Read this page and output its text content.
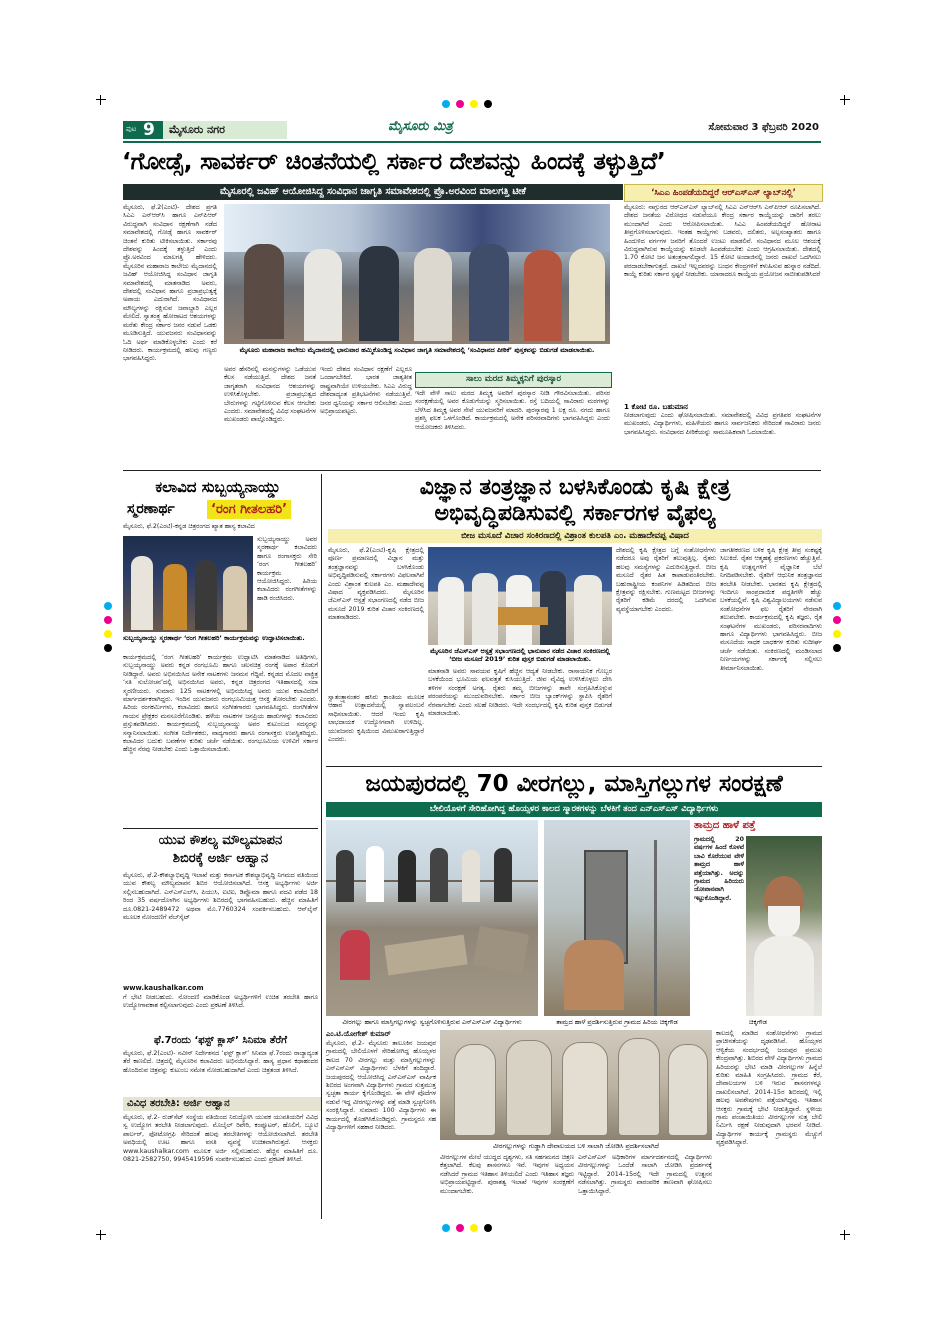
ಪುಟ 9	ಮೈಸೂರು ನಗರ	ಮೈಸೂರು ಮಿತ್ರ	ಸೋಮವಾರ 3 ಫೆಬ್ರವರಿ 2020
‘ಗೋಡ್ಸೆ, ಸಾವರ್ಕರ್ ಚಿಂತನೆಯಲ್ಲಿ ಸರ್ಕಾರ ದೇಶವನ್ನು ಹಿಂದಕ್ಕೆ ತಳ್ಳುತ್ತಿದೆ’
ಮೈಸೂರಲ್ಲಿ ಜವಿಹ್ ಆಯೋಜಿಸಿದ್ದ ಸಂವಿಧಾನ ಜಾಗೃತಿ ಸಮಾವೇಶದಲ್ಲಿ ಪ್ರೊ.ಅರವಿಂದ ಮಾಲಗತ್ತಿ ಟೀಕೆ
ಮೈಸೂರು, ಫೆ.2(ಎಂಟಿ)- ದೇಶದ ಪ್ರಗತಿ ಸಿಎಎ ಎನ್‌ಆರ್‌ಸಿ ಹಾಗೂ ಎನ್‌ಪಿಆರ್ ವಿರುದ್ಧವಾಗಿ ಸಂವಿಧಾನ ರಕ್ಷಣೆಗಾಗಿ ನಡೆದ ಸಮಾವೇಶದಲ್ಲಿ ಗೋಡ್ಸೆ ಹಾಗೂ ಸಾವರ್ಕರ್ ಚಿಂತನೆ ಕುರಿತು ಟೀಕಿಸಲಾಯಿತು. ಸರ್ಕಾರವು ದೇಶವನ್ನು ಹಿಂದಕ್ಕೆ ತಳ್ಳುತ್ತಿದೆ ಎಂದು ಪ್ರೊ.ಅರವಿಂದ ಮಾಲಗತ್ತಿ ಹೇಳಿದರು. ಮೈಸೂರಿನ ಮಹಾರಾಜ ಕಾಲೇಜು ಮೈದಾನದಲ್ಲಿ ಜವಿಹ್ ಆಯೋಜಿಸಿದ್ದ ಸಂವಿಧಾನ ಜಾಗೃತಿ ಸಮಾವೇಶದಲ್ಲಿ ಮಾತನಾಡಿದ ಅವರು, ದೇಶದಲ್ಲಿ ಸಂವಿಧಾನ ಹಾಗೂ ಪ್ರಜಾಪ್ರಭುತ್ವಕ್ಕೆ ಅಪಾಯ ಎದುರಾಗಿದೆ. ಸಂವಿಧಾನದ ಮೌಲ್ಯಗಳನ್ನು ರಕ್ಷಿಸುವ ಜವಾಬ್ದಾರಿ ಎಲ್ಲರ ಮೇಲಿದೆ. ಸ್ವಾತಂತ್ರ್ಯ ಹೋರಾಟದ ಆಶಯಗಳನ್ನು ಮರೆತು ಕೇಂದ್ರ ಸರ್ಕಾರ ಜನರ ನಡುವೆ ಒಡಕು ಮೂಡಿಸುತ್ತಿದೆ. ಯುವಜನರು ಸಂವಿಧಾನವನ್ನು ಓದಿ ಅರ್ಥ ಮಾಡಿಕೊಳ್ಳಬೇಕು ಎಂದು ಕರೆ ನೀಡಿದರು. ಕಾರ್ಯಕ್ರಮದಲ್ಲಿ ಹಲವು ಗಣ್ಯರು ಭಾಗವಹಿಸಿದ್ದರು.
ಮೈಸೂರು ಮಹಾರಾಜ ಕಾಲೇಜು ಮೈದಾನದಲ್ಲಿ ಭಾನುವಾರ ಹಮ್ಮಿಕೊಂಡಿದ್ದ ಸಂವಿಧಾನ ಜಾಗೃತಿ ಸಮಾವೇಶದಲ್ಲಿ ‘ಸಂವಿಧಾನದ ಪೀಠಿಕೆ’ ಪುಸ್ತಕವನ್ನು ಬಿಡುಗಡೆ ಮಾಡಲಾಯಿತು.
ಅವರ ಹೆಸರಿನಲ್ಲಿ ಮನಸ್ಸುಗಳನ್ನು ಒಡೆಯುವ ಕೆಲಸ ನಡೆಯುತ್ತಿದೆ. ದೇಶದ ಜನತೆ ಜಾಗೃತರಾಗಿ ಸಂವಿಧಾನದ ಆಶಯಗಳನ್ನು ಉಳಿಸಿಕೊಳ್ಳಬೇಕು. ಪ್ರಜಾಪ್ರಭುತ್ವದ ಬೇರುಗಳನ್ನು ಗಟ್ಟಿಗೊಳಿಸುವ ಕೆಲಸ ಆಗಬೇಕು ಎಂದರು. ಸಮಾವೇಶದಲ್ಲಿ ವಿವಿಧ ಸಂಘಟನೆಗಳ ಮುಖಂಡರು ಪಾಲ್ಗೊಂಡಿದ್ದರು.
ಇಂದು ದೇಶದ ಸಂವಿಧಾನ ರಕ್ಷಣೆಗೆ ಎಲ್ಲರೂ ಒಂದಾಗಬೇಕಿದೆ. ಭಾರತ ಜಾತ್ಯತೀತ ರಾಷ್ಟ್ರವಾಗಿಯೇ ಉಳಿಯಬೇಕು. ಸಿಎಎ ವಿರುದ್ಧ ದೇಶದಾದ್ಯಂತ ಪ್ರತಿಭಟನೆಗಳು ನಡೆಯುತ್ತಿವೆ. ಜನರ ಧ್ವನಿಯನ್ನು ಸರ್ಕಾರ ಆಲಿಸಬೇಕು ಎಂದು ಅಭಿಪ್ರಾಯಪಟ್ಟರು.
ಸಾಲು ಮರದ ತಿಮ್ಮಕ್ಕನಿಗೆ ಪುರಸ್ಕಾರ
ಇದೇ ವೇಳೆ ಸಾಲು ಮರದ ತಿಮ್ಮಕ್ಕ ಅವರಿಗೆ ಪುರಸ್ಕಾರ ನೀಡಿ ಗೌರವಿಸಲಾಯಿತು. ಪರಿಸರ ಸಂರಕ್ಷಣೆಯಲ್ಲಿ ಅವರ ಕೊಡುಗೆಯನ್ನು ಸ್ಮರಿಸಲಾಯಿತು. ರಸ್ತೆ ಬದಿಯಲ್ಲಿ ಸಾವಿರಾರು ಮರಗಳನ್ನು ಬೆಳೆಸಿದ ತಿಮ್ಮಕ್ಕ ಅವರ ಸೇವೆ ಯುವಜನರಿಗೆ ಮಾದರಿ. ಪುರಸ್ಕಾರವು 1 ಲಕ್ಷ ರೂ. ನಗದು ಹಾಗೂ ಪ್ರಶಸ್ತಿ ಫಲಕ ಒಳಗೊಂಡಿದೆ. ಕಾರ್ಯಕ್ರಮದಲ್ಲಿ ಅನೇಕ ಪರಿಸರವಾದಿಗಳು ಭಾಗವಹಿಸಿದ್ದರು ಎಂದು ಆಯೋಜಕರು ತಿಳಿಸಿದರು.
‘ಸಿಎಎ ಹಿಂಪಡೆಯದಿದ್ದರೆ ಆರ್‌ಎಸ್‌ಎಸ್ ಲ್ಯಾಬ್‌ನಲ್ಲಿ’
ಮೈಸೂರು: ನಾಗ್ಪುರದ ಆರ್‌ಎಸ್‌ಎಸ್ ಲ್ಯಾಬ್‌ನಲ್ಲಿ ಸಿಎಎ ಎನ್‌ಆರ್‌ಸಿ ಎನ್‌ಪಿಆರ್ ರೂಪಿಸಲಾಗಿದೆ. ದೇಶದ ಜನತೆಯ ವಿರೋಧದ ನಡುವೆಯೂ ಕೇಂದ್ರ ಸರ್ಕಾರ ಕಾಯ್ದೆಯನ್ನು ಜಾರಿಗೆ ತರಲು ಮುಂದಾಗಿದೆ ಎಂದು ಆರೋಪಿಸಲಾಯಿತು. ಸಿಎಎ ಹಿಂಪಡೆಯದಿದ್ದರೆ ಹೋರಾಟ ತೀವ್ರಗೊಳಿಸಲಾಗುವುದು. ಇಂತಹ ಕಾಯ್ದೆಗಳು ಬಡವರು, ದಲಿತರು, ಅಲ್ಪಸಂಖ್ಯಾತರು ಹಾಗೂ ಹಿಂದುಳಿದ ವರ್ಗಗಳ ಜನರಿಗೆ ತೊಂದರೆ ಉಂಟು ಮಾಡಲಿವೆ. ಸಂವಿಧಾನದ ಮೂಲ ಆಶಯಕ್ಕೆ ವಿರುದ್ಧವಾಗಿರುವ ಕಾಯ್ದೆಯನ್ನು ಕೂಡಲೇ ಹಿಂಪಡೆಯಬೇಕು ಎಂದು ಆಗ್ರಹಿಸಲಾಯಿತು. ದೇಶದಲ್ಲಿ 1.70 ಕೋಟಿ ಜನ ಅತಂತ್ರರಾಗಲಿದ್ದಾರೆ. 15 ಕೋಟಿ ಅಂದಾಜಿನಲ್ಲಿ ಜನರು ದಾಖಲೆ ಒದಗಿಸಲು ಪರದಾಡಬೇಕಾಗುತ್ತದೆ. ದಾಖಲೆ ಇಲ್ಲದವರನ್ನು ಬಂಧನ ಕೇಂದ್ರಗಳಿಗೆ ಕಳುಹಿಸುವ ಹುನ್ನಾರ ನಡೆದಿದೆ. ಕಾಯ್ದೆ ಕುರಿತು ಸರ್ಕಾರ ಸ್ಪಷ್ಟನೆ ನೀಡಬೇಕು. ಯಾರಾದರೂ ಕಾಯ್ದೆಯ ಪ್ರಯೋಜನ ಸಾಬೀತುಪಡಿಸಿದರೆ
1 ಕೋಟಿ ರೂ. ಬಹುಮಾನ
ನೀಡಲಾಗುವುದು ಎಂದು ಘೋಷಿಸಲಾಯಿತು. ಸಮಾವೇಶದಲ್ಲಿ ವಿವಿಧ ಪ್ರಗತಿಪರ ಸಂಘಟನೆಗಳ ಮುಖಂಡರು, ವಿದ್ಯಾರ್ಥಿಗಳು, ಮಹಿಳೆಯರು ಹಾಗೂ ಸಾರ್ವಜನಿಕರು ಸೇರಿದಂತೆ ಸಾವಿರಾರು ಜನರು ಭಾಗವಹಿಸಿದ್ದರು. ಸಂವಿಧಾನದ ಪೀಠಿಕೆಯನ್ನು ಸಾಮೂಹಿಕವಾಗಿ ಓದಲಾಯಿತು.
ಕಲಾವಿದ ಸುಬ್ಬಯ್ಯನಾಯ್ಡು
ಸ್ಮರಣಾರ್ಥ	‘ರಂಗ ಗೀತಲಹರಿ’
ಮೈಸೂರು, ಫೆ.2(ಎಂಟಿ)-ಕನ್ನಡ ಚಿತ್ರರಂಗದ ಖ್ಯಾತ ಹಾಸ್ಯ ಕಲಾವಿದ
ಸುಬ್ಬಯ್ಯನಾಯ್ಡು ಅವರ ಸ್ಮರಣಾರ್ಥ ಕಲಾವಿದರು ಹಾಗೂ ರಂಗಾಸಕ್ತರು ಸೇರಿ ‘ರಂಗ ಗೀತಲಹರಿ’ ಕಾರ್ಯಕ್ರಮ ಆಯೋಜಿಸಿದ್ದರು. ಹಿರಿಯ ಕಲಾವಿದರು ರಂಗಗೀತೆಗಳನ್ನು ಹಾಡಿ ರಂಜಿಸಿದರು.
ಸುಬ್ಬಯ್ಯನಾಯ್ಡು ಸ್ಮರಣಾರ್ಥ ‘ರಂಗ ಗೀತಲಹರಿ’ ಕಾರ್ಯಕ್ರಮವನ್ನು ಉದ್ಘಾಟಿಸಲಾಯಿತು.
ಕಾರ್ಯಕ್ರಮದಲ್ಲಿ ‘ರಂಗ ಗೀತಲಹರಿ’ ಕಾರ್ಯಕ್ರಮ ಉದ್ಘಾಟಿಸಿ ಮಾತನಾಡಿದ ಅತಿಥಿಗಳು, ಸುಬ್ಬಯ್ಯನಾಯ್ಡು ಅವರು ಕನ್ನಡ ರಂಗಭೂಮಿ ಹಾಗೂ ಚಲನಚಿತ್ರ ರಂಗಕ್ಕೆ ಅಪಾರ ಕೊಡುಗೆ ನೀಡಿದ್ದಾರೆ. ಅವರು ಅಭಿನಯಿಸಿದ ಅನೇಕ ನಾಟಕಗಳು ಜನಮನ ಗೆದ್ದಿವೆ. ಕನ್ನಡದ ಮೊದಲ ವಾಕ್ಚಿತ್ರ ‘ಸತಿ ಸುಲೋಚನ’ದಲ್ಲಿ ಅಭಿನಯಿಸಿದ ಅವರು, ಕನ್ನಡ ಚಿತ್ರರಂಗದ ಇತಿಹಾಸದಲ್ಲಿ ಸದಾ ಸ್ಮರಣೀಯರು. ಸುಮಾರು 125 ನಾಟಕಗಳಲ್ಲಿ ಅಭಿನಯಿಸಿದ್ದ ಅವರು ಯುವ ಕಲಾವಿದರಿಗೆ ಮಾರ್ಗದರ್ಶಕರಾಗಿದ್ದರು. ಇಂದಿನ ಯುವಜನರು ರಂಗಭೂಮಿಯತ್ತ ಆಸಕ್ತಿ ತೋರಬೇಕು ಎಂದರು. ಹಿರಿಯ ರಂಗಕರ್ಮಿಗಳು, ಕಲಾವಿದರು ಹಾಗೂ ಸಂಗೀತಗಾರರು ಭಾಗವಹಿಸಿದ್ದರು. ರಂಗಗೀತೆಗಳ ಗಾಯನ ಪ್ರೇಕ್ಷಕರ ಮನಸೂರೆಗೊಂಡಿತು. ಹಳೆಯ ನಾಟಕಗಳ ಜನಪ್ರಿಯ ಹಾಡುಗಳನ್ನು ಕಲಾವಿದರು ಪ್ರಸ್ತುತಪಡಿಸಿದರು. ಕಾರ್ಯಕ್ರಮದಲ್ಲಿ ಸುಬ್ಬಯ್ಯನಾಯ್ಡು ಅವರ ಕುಟುಂಬದ ಸದಸ್ಯರನ್ನು ಸನ್ಮಾನಿಸಲಾಯಿತು. ಸಂಗೀತ ನಿರ್ದೇಶಕರು, ವಾದ್ಯಗಾರರು ಹಾಗೂ ರಂಗಾಸಕ್ತರು ಉಪಸ್ಥಿತರಿದ್ದರು. ಕಲಾವಿದರ ಬದುಕು ಬವಣೆಗಳ ಕುರಿತು ಚರ್ಚೆ ನಡೆಯಿತು. ರಂಗಭೂಮಿಯ ಉಳಿವಿಗೆ ಸರ್ಕಾರ ಹೆಚ್ಚಿನ ನೆರವು ನೀಡಬೇಕು ಎಂದು ಒತ್ತಾಯಿಸಲಾಯಿತು.
ಯುವ ಕೌಶಲ್ಯ ಮೌಲ್ಯಮಾಪನ
ಶಿಬಿರಕ್ಕೆ ಅರ್ಜಿ ಆಹ್ವಾನ
ಮೈಸೂರು, ಫೆ.2-ಕೌಶಲ್ಯಾಭಿವೃದ್ಧಿ ಇಲಾಖೆ ಮತ್ತು ಕರ್ನಾಟಕ ಕೌಶಲ್ಯಾಭಿವೃದ್ಧಿ ನಿಗಮದ ವತಿಯಿಂದ ಯುವ ಕೌಶಲ್ಯ ಮೌಲ್ಯಮಾಪನ ಶಿಬಿರ ಆಯೋಜಿಸಲಾಗಿದೆ. ಆಸಕ್ತ ಅಭ್ಯರ್ಥಿಗಳು ಅರ್ಜಿ ಸಲ್ಲಿಸಬಹುದಾಗಿದೆ. ಎಸ್‌ಎಸ್‌ಎಲ್‌ಸಿ, ಪಿಯುಸಿ, ಐಟಿಐ, ಡಿಪ್ಲೊಮಾ ಹಾಗೂ ಪದವಿ ಪಡೆದ 18 ರಿಂದ 35 ವರ್ಷದೊಳಗಿನ ಅಭ್ಯರ್ಥಿಗಳು ಶಿಬಿರದಲ್ಲಿ ಭಾಗವಹಿಸಬಹುದು. ಹೆಚ್ಚಿನ ಮಾಹಿತಿಗೆ ದೂ.0821-2489472 ಅಥವಾ ಮೊ.7760324 ಸಂಪರ್ಕಿಸಬಹುದು. ಆನ್‌ಲೈನ್ ಮೂಲಕ ನೋಂದಣಿಗೆ ವೆಬ್‌ಸೈಟ್
www.kaushalkar.com
ಗೆ ಭೇಟಿ ನೀಡಬಹುದು. ನೋಂದಣಿ ಮಾಡಿಕೊಂಡ ಅಭ್ಯರ್ಥಿಗಳಿಗೆ ಉಚಿತ ತರಬೇತಿ ಹಾಗೂ ಉದ್ಯೋಗಾವಕಾಶ ಕಲ್ಪಿಸಲಾಗುವುದು ಎಂದು ಪ್ರಕಟಣೆ ತಿಳಿಸಿದೆ.
ಫೆ.7ರಂದು ‘ಫಸ್ಟ್ ಕ್ಲಾಸ್’ ಸಿನಿಮಾ ತೆರೆಗೆ
ಮೈಸೂರು, ಫೆ.2(ಎಂಟಿ)- ನವೀನ್ ನಿರ್ದೇಶನದ ‘ಫಸ್ಟ್ ಕ್ಲಾಸ್’ ಸಿನಿಮಾ ಫೆ.7ರಂದು ರಾಜ್ಯಾದ್ಯಂತ ತೆರೆ ಕಾಣಲಿದೆ. ಚಿತ್ರದಲ್ಲಿ ಮೈಸೂರಿನ ಕಲಾವಿದರು ಅಭಿನಯಿಸಿದ್ದಾರೆ. ಹಾಸ್ಯ ಪ್ರಧಾನ ಕಥಾಹಂದರ ಹೊಂದಿರುವ ಚಿತ್ರವನ್ನು ಕುಟುಂಬ ಸಮೇತ ನೋಡಬಹುದಾಗಿದೆ ಎಂದು ಚಿತ್ರತಂಡ ತಿಳಿಸಿದೆ.
ವಿವಿಧ ತರಬೇತಿ: ಅರ್ಜಿ ಆಹ್ವಾನ
ಮೈಸೂರು, ಫೆ.2- ರುಡ್‌ಸೆಟ್ ಸಂಸ್ಥೆಯ ವತಿಯಿಂದ ನಿರುದ್ಯೋಗಿ ಯುವಕ ಯುವತಿಯರಿಗೆ ವಿವಿಧ ಸ್ವ ಉದ್ಯೋಗ ತರಬೇತಿ ನೀಡಲಾಗುವುದು. ಮೊಬೈಲ್ ರಿಪೇರಿ, ಕಂಪ್ಯೂಟರ್, ಹೊಲಿಗೆ, ಬ್ಯೂಟಿ ಪಾರ್ಲರ್, ಫೋಟೋಗ್ರಫಿ ಸೇರಿದಂತೆ ಹಲವು ತರಬೇತಿಗಳನ್ನು ಆಯೋಜಿಸಲಾಗಿದೆ. ತರಬೇತಿ ಅವಧಿಯಲ್ಲಿ ಊಟ ಹಾಗೂ ವಸತಿ ವ್ಯವಸ್ಥೆ ಉಚಿತವಾಗಿರುತ್ತದೆ. ಆಸಕ್ತರು www.kaushalkar.com ಮೂಲಕ ಅರ್ಜಿ ಸಲ್ಲಿಸಬಹುದು. ಹೆಚ್ಚಿನ ಮಾಹಿತಿಗೆ ದೂ. 0821-2582750, 9945419596 ಸಂಪರ್ಕಿಸಬಹುದು ಎಂದು ಪ್ರಕಟಣೆ ತಿಳಿಸಿದೆ.
ವಿಜ್ಞಾನ ತಂತ್ರಜ್ಞಾನ ಬಳಸಿಕೊಂಡು ಕೃಷಿ ಕ್ಷೇತ್ರ
ಅಭಿವೃದ್ಧಿಪಡಿಸುವಲ್ಲಿ ಸರ್ಕಾರಗಳ ವೈಫಲ್ಯ
ಬೀಜ ಮಸೂದೆ ವಿಚಾರ ಸಂಕಿರಣದಲ್ಲಿ ವಿಶ್ರಾಂತ ಕುಲಪತಿ ಎಂ. ಮಹಾದೇವಪ್ಪ ವಿಷಾದ
ಮೈಸೂರು, ಫೆ.2(ಎಂಟಿ)-ಕೃಷಿ ಕ್ಷೇತ್ರದಲ್ಲಿ ಪೂರ್ಣ ಪ್ರಮಾಣದಲ್ಲಿ ವಿಜ್ಞಾನ ಮತ್ತು ತಂತ್ರಜ್ಞಾನವನ್ನು ಬಳಸಿಕೊಂಡು ಅಭಿವೃದ್ಧಿಪಡಿಸುವಲ್ಲಿ ಸರ್ಕಾರಗಳು ವಿಫಲವಾಗಿವೆ ಎಂದು ವಿಶ್ರಾಂತ ಕುಲಪತಿ ಎಂ. ಮಹಾದೇವಪ್ಪ ವಿಷಾದ ವ್ಯಕ್ತಪಡಿಸಿದರು. ಮೈಸೂರಿನ ಜೆಎಸ್‌ಎಸ್ ಆಸ್ಪತ್ರೆ ಸಭಾಂಗಣದಲ್ಲಿ ನಡೆದ ಬೀಜ ಮಸೂದೆ 2019 ಕುರಿತ ವಿಚಾರ ಸಂಕಿರಣದಲ್ಲಿ ಮಾತನಾಡಿದರು.
ಮೈಸೂರಿನ ಜೆಎಸ್‌ಎಸ್ ಆಸ್ಪತ್ರೆ ಸಭಾಂಗಣದಲ್ಲಿ ಭಾನುವಾರ ನಡೆದ ವಿಚಾರ ಸಂಕಿರಣದಲ್ಲಿ ‘ಬೀಜ ಮಸೂದೆ 2019’ ಕುರಿತ ಪುಸ್ತಕ ಬಿಡುಗಡೆ ಮಾಡಲಾಯಿತು.
ದೇಶದಲ್ಲಿ ಕೃಷಿ ಕ್ಷೇತ್ರದ ಬಗ್ಗೆ ಸಂಶೋಧನೆಗಳು ನಡೆದರೂ ಅವು ರೈತರಿಗೆ ತಲುಪುತ್ತಿಲ್ಲ. ರೈತರು ಹಲವು ಸಮಸ್ಯೆಗಳನ್ನು ಎದುರಿಸುತ್ತಿದ್ದಾರೆ. ಬೀಜ ಮಸೂದೆ ರೈತರ ಹಿತ ಕಾಪಾಡುವಂತಿರಬೇಕು. ಬಹುರಾಷ್ಟ್ರೀಯ ಕಂಪನಿಗಳ ಹಿಡಿತದಿಂದ ಬೀಜ ಕ್ಷೇತ್ರವನ್ನು ರಕ್ಷಿಸಬೇಕು. ಗುಣಮಟ್ಟದ ಬೀಜಗಳನ್ನು ರೈತರಿಗೆ ಕಡಿಮೆ ದರದಲ್ಲಿ ಒದಗಿಸುವ ವ್ಯವಸ್ಥೆಯಾಗಬೇಕು ಎಂದರು.
ಜಾಗತೀಕರಣದ ಬಳಿಕ ಕೃಷಿ ಕ್ಷೇತ್ರ ತೀವ್ರ ಸಂಕಷ್ಟಕ್ಕೆ ಸಿಲುಕಿದೆ. ರೈತರ ಆತ್ಮಹತ್ಯೆ ಪ್ರಕರಣಗಳು ಹೆಚ್ಚುತ್ತಿವೆ. ಕೃಷಿ ಉತ್ಪನ್ನಗಳಿಗೆ ವೈಜ್ಞಾನಿಕ ಬೆಲೆ ನಿಗದಿಪಡಿಸಬೇಕು. ರೈತರಿಗೆ ಆಧುನಿಕ ತಂತ್ರಜ್ಞಾನದ ತರಬೇತಿ ನೀಡಬೇಕು. ಭಾರತದ ಕೃಷಿ ಕ್ಷೇತ್ರದಲ್ಲಿ ಇಂದಿಗೂ ಸಾಂಪ್ರದಾಯಿಕ ಪದ್ಧತಿಗಳೇ ಹೆಚ್ಚು ಬಳಕೆಯಲ್ಲಿವೆ. ಕೃಷಿ ವಿಶ್ವವಿದ್ಯಾಲಯಗಳು ನಡೆಸುವ ಸಂಶೋಧನೆಗಳ ಫಲ ರೈತರಿಗೆ ನೇರವಾಗಿ ತಲುಪಬೇಕು. ಕಾರ್ಯಕ್ರಮದಲ್ಲಿ ಕೃಷಿ ತಜ್ಞರು, ರೈತ ಸಂಘಟನೆಗಳ ಮುಖಂಡರು, ಪರಿಸರವಾದಿಗಳು ಹಾಗೂ ವಿದ್ಯಾರ್ಥಿಗಳು ಭಾಗವಹಿಸಿದ್ದರು. ಬೀಜ ಮಸೂದೆಯ ಸಾಧಕ ಬಾಧಕಗಳ ಕುರಿತು ಸುದೀರ್ಘ ಚರ್ಚೆ ನಡೆಯಿತು. ಸಂಕಿರಣದಲ್ಲಿ ಮಂಡಿಸಲಾದ ನಿರ್ಣಯಗಳನ್ನು ಸರ್ಕಾರಕ್ಕೆ ಸಲ್ಲಿಸಲು ತೀರ್ಮಾನಿಸಲಾಯಿತು.
ಮಾತನಾಡಿ ಅವರು ಸಾವಯವ ಕೃಷಿಗೆ ಹೆಚ್ಚಿನ ಆದ್ಯತೆ ನೀಡಬೇಕು. ರಾಸಾಯನಿಕ ಗೊಬ್ಬರ ಬಳಕೆಯಿಂದ ಭೂಮಿಯ ಫಲವತ್ತತೆ ಕುಸಿಯುತ್ತಿದೆ. ಜೀವ ವೈವಿಧ್ಯ ಉಳಿಸಿಕೊಳ್ಳಲು ದೇಸಿ ತಳಿಗಳ ಸಂರಕ್ಷಣೆ ಅಗತ್ಯ. ರೈತರು ತಮ್ಮ ಬೀಜಗಳನ್ನು ತಾವೇ ಸಂಗ್ರಹಿಸಿಕೊಳ್ಳುವ ಪರಂಪರೆಯನ್ನು ಮುಂದುವರಿಸಬೇಕು. ಸರ್ಕಾರ ಬೀಜ ಬ್ಯಾಂಕ್‌ಗಳನ್ನು ಸ್ಥಾಪಿಸಿ ರೈತರಿಗೆ ನೆರವಾಗಬೇಕು ಎಂದು ಸಲಹೆ ನೀಡಿದರು. ಇದೇ ಸಂದರ್ಭದಲ್ಲಿ ಕೃಷಿ ಕುರಿತ ಪುಸ್ತಕ ಬಿಡುಗಡೆ ಮಾಡಲಾಯಿತು.
ಸ್ವಾತಂತ್ರ್ಯಾನಂತರ ಹಸಿರು ಕ್ರಾಂತಿಯ ಮೂಲಕ ಆಹಾರ ಉತ್ಪಾದನೆಯಲ್ಲಿ ಸ್ವಾವಲಂಬನೆ ಸಾಧಿಸಲಾಯಿತು. ಆದರೆ ಇಂದು ಕೃಷಿ ಲಾಭದಾಯಕ ಉದ್ಯೋಗವಾಗಿ ಉಳಿದಿಲ್ಲ. ಯುವಜನರು ಕೃಷಿಯಿಂದ ವಿಮುಖರಾಗುತ್ತಿದ್ದಾರೆ ಎಂದರು.
ಜಯಪುರದಲ್ಲಿ 70 ವೀರಗಲ್ಲು, ಮಾಸ್ತಿಗಲ್ಲುಗಳ ಸಂರಕ್ಷಣೆ
ಬೇಲಿಯೊಳಗೆ ಸೇರಿಹೋಗಿದ್ದ ಹೊಯ್ಸಳರ ಕಾಲದ ಸ್ಮಾರಕಗಳನ್ನು ಬೆಳಕಿಗೆ ತಂದ ಎನ್‌ಎಸ್‌ಎಸ್ ವಿದ್ಯಾರ್ಥಿಗಳು
ವೀರಗಲ್ಲು ಹಾಗೂ ಮಾಸ್ತಿಗಲ್ಲುಗಳನ್ನು ಸ್ವಚ್ಛಗೊಳಿಸುತ್ತಿರುವ ಎನ್‌ಎಸ್‌ಎಸ್ ವಿದ್ಯಾರ್ಥಿಗಳು	ತಾಮ್ರದ ಹಾಳೆ ಪ್ರದರ್ಶಿಸುತ್ತಿರುವ ಗ್ರಾಮದ ಹಿರಿಯ ಚಿಕ್ಕಗೌಡ
ತಾಮ್ರದ ಹಾಳೆ ಪತ್ತೆ
ಗ್ರಾಮದಲ್ಲಿ 20 ವರ್ಷಗಳ ಹಿಂದೆ ಕೊಳವೆ ಬಾವಿ ಕೊರೆಯುವ ವೇಳೆ ತಾಮ್ರದ ಹಾಳೆ ಪತ್ತೆಯಾಗಿತ್ತು. ಅದನ್ನು ಗ್ರಾಮದ ಹಿರಿಯರು ಜೋಪಾನವಾಗಿ ಇಟ್ಟುಕೊಂಡಿದ್ದಾರೆ.
ಚಿಕ್ಕಗೌಡ
ಎಂ.ಟಿ.ಯೋಗೇಶ್ ಕುಮಾರ್
ಮೈಸೂರು, ಫೆ.2- ಮೈಸೂರು ತಾಲೂಕಿನ ಜಯಪುರ ಗ್ರಾಮದಲ್ಲಿ ಬೇಲಿಯೊಳಗೆ ಸೇರಿಹೋಗಿದ್ದ ಹೊಯ್ಸಳರ ಕಾಲದ 70 ವೀರಗಲ್ಲು ಮತ್ತು ಮಾಸ್ತಿಗಲ್ಲುಗಳನ್ನು ಎನ್‌ಎಸ್‌ಎಸ್ ವಿದ್ಯಾರ್ಥಿಗಳು ಬೆಳಕಿಗೆ ತಂದಿದ್ದಾರೆ. ಜಯಪುರದಲ್ಲಿ ಆಯೋಜಿಸಿದ್ದ ಎನ್‌ಎಸ್‌ಎಸ್ ವಾರ್ಷಿಕ ಶಿಬಿರದ ಅಂಗವಾಗಿ ವಿದ್ಯಾರ್ಥಿಗಳು ಗ್ರಾಮದ ಸುತ್ತಮುತ್ತ ಸ್ವಚ್ಛತಾ ಕಾರ್ಯ ಕೈಗೊಂಡಿದ್ದರು. ಈ ವೇಳೆ ಪೊದೆಗಳ ನಡುವೆ ಇದ್ದ ವೀರಗಲ್ಲುಗಳನ್ನು ಪತ್ತೆ ಮಾಡಿ ಸ್ವಚ್ಛಗೊಳಿಸಿ ಸಂರಕ್ಷಿಸಿದ್ದಾರೆ. ಸುಮಾರು 100 ವಿದ್ಯಾರ್ಥಿಗಳು ಈ ಕಾರ್ಯದಲ್ಲಿ ತೊಡಗಿಸಿಕೊಂಡಿದ್ದರು. ಗ್ರಾಮಸ್ಥರೂ ಸಹ ವಿದ್ಯಾರ್ಥಿಗಳಿಗೆ ಸಹಕಾರ ನೀಡಿದರು.
ವೀರಗಲ್ಲುಗಳನ್ನು ಗುಡ್ಡಾಗಿ ದೇವಾಲಯದ ಬಳಿ ಸಾಲಾಗಿ ಜೋಡಿಸಿ ಪ್ರದರ್ಶಿಸಲಾಗಿದೆ
ವೀರಗಲ್ಲುಗಳ ಮೇಲೆ ಯುದ್ಧದ ದೃಶ್ಯಗಳು, ಸತಿ ಸಹಗಮನದ ಚಿತ್ರಣ ಕೆತ್ತಲಾಗಿದೆ. ಕೆಲವು ಶಾಸನಗಳೂ ಇವೆ. ಇವುಗಳ ಅಧ್ಯಯನ ನಡೆಸಿದರೆ ಗ್ರಾಮದ ಇತಿಹಾಸ ತಿಳಿಯಲಿದೆ ಎಂದು ಇತಿಹಾಸ ತಜ್ಞರು ಅಭಿಪ್ರಾಯಪಟ್ಟಿದ್ದಾರೆ. ಪುರಾತತ್ವ ಇಲಾಖೆ ಇವುಗಳ ಸಂರಕ್ಷಣೆಗೆ ಮುಂದಾಗಬೇಕು.
ಎನ್‌ಎಸ್‌ಎಸ್ ಅಧಿಕಾರಿಗಳ ಮಾರ್ಗದರ್ಶನದಲ್ಲಿ ವಿದ್ಯಾರ್ಥಿಗಳು ವೀರಗಲ್ಲುಗಳನ್ನು ಒಂದೆಡೆ ಸಾಲಾಗಿ ಜೋಡಿಸಿ ಪ್ರದರ್ಶನಕ್ಕೆ ಇಟ್ಟಿದ್ದಾರೆ. 2014-15ರಲ್ಲಿ ಇದೇ ಗ್ರಾಮದಲ್ಲಿ ಉತ್ಖನನ ನಡೆಸಲಾಗಿತ್ತು. ಗ್ರಾಮಸ್ಥರು ಪಾರಂಪರಿಕ ತಾಣವಾಗಿ ಘೋಷಿಸಲು ಒತ್ತಾಯಿಸಿದ್ದಾರೆ.
ಕಾಲದಲ್ಲಿ ಮಾಡಿದ ಸಂಶೋಧನೆಗಳು ಗ್ರಾಮದ ಪ್ರಾಚೀನತೆಯನ್ನು ದೃಢಪಡಿಸಿವೆ. ಹೊಯ್ಸಳರ ಆಳ್ವಿಕೆಯ ಸಂದರ್ಭದಲ್ಲಿ ಜಯಪುರ ಪ್ರಮುಖ ಕೇಂದ್ರವಾಗಿತ್ತು. ಶಿಬಿರದ ವೇಳೆ ವಿದ್ಯಾರ್ಥಿಗಳು ಗ್ರಾಮದ ಹಿರಿಯರನ್ನು ಭೇಟಿ ಮಾಡಿ ವೀರಗಲ್ಲುಗಳ ಹಿನ್ನೆಲೆ ಕುರಿತು ಮಾಹಿತಿ ಸಂಗ್ರಹಿಸಿದರು. ಗ್ರಾಮದ ಕೆರೆ, ದೇವಾಲಯಗಳ ಬಳಿ ಇರುವ ಶಾಸನಗಳನ್ನೂ ದಾಖಲಿಸಲಾಗಿದೆ. 2014-15ರ ಶಿಬಿರದಲ್ಲಿ ಇಲ್ಲಿ ಹಲವು ಅವಶೇಷಗಳು ಪತ್ತೆಯಾಗಿದ್ದವು. ಇತಿಹಾಸ ಆಸಕ್ತರು ಗ್ರಾಮಕ್ಕೆ ಭೇಟಿ ನೀಡುತ್ತಿದ್ದಾರೆ. ಸ್ಥಳೀಯ ಗ್ರಾಮ ಪಂಚಾಯಿತಿಯು ವೀರಗಲ್ಲುಗಳ ಸುತ್ತ ಬೇಲಿ ನಿರ್ಮಿಸಿ ರಕ್ಷಣೆ ನೀಡುವುದಾಗಿ ಭರವಸೆ ನೀಡಿದೆ. ವಿದ್ಯಾರ್ಥಿಗಳ ಕಾರ್ಯಕ್ಕೆ ಗ್ರಾಮಸ್ಥರು ಮೆಚ್ಚುಗೆ ವ್ಯಕ್ತಪಡಿಸಿದ್ದಾರೆ.
